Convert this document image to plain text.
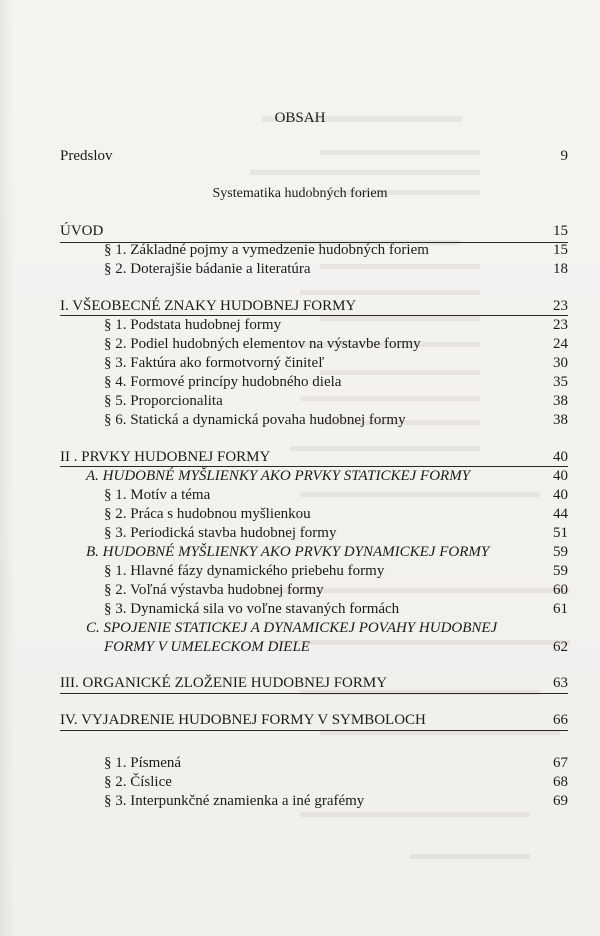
OBSAH
Predslov	9
Systematika hudobných foriem
ÚVOD	15
§ 1. Základné pojmy a vymedzenie hudobných foriem	15
§ 2. Doterajšie bádanie a literatúra	18
I. VŠEOBECNÉ ZNAKY HUDOBNEJ FORMY	23
§ 1. Podstata hudobnej formy	23
§ 2. Podiel hudobných elementov na výstavbe formy	24
§ 3. Faktúra ako formotvorný činiteľ	30
§ 4. Formové princípy hudobného diela	35
§ 5. Proporcionalita	38
§ 6. Statická a dynamická povaha hudobnej formy	38
II . PRVKY HUDOBNEJ FORMY	40
A. HUDOBNÉ MYŠLIENKY AKO PRVKY STATICKEJ FORMY	40
§ 1. Motív a téma	40
§ 2. Práca s hudobnou myšlienkou	44
§ 3. Periodická stavba hudobnej formy	51
B. HUDOBNÉ MYŠLIENKY AKO PRVKY DYNAMICKEJ FORMY	59
§ 1. Hlavné fázy dynamického priebehu formy	59
§ 2. Voľná výstavba hudobnej formy	60
§ 3. Dynamická sila vo voľne stavaných formách	61
C. SPOJENIE STATICKEJ A DYNAMICKEJ POVAHY HUDOBNEJ
FORMY V UMELECKOM DIELE	62
III. ORGANICKÉ ZLOŽENIE HUDOBNEJ FORMY	63
IV. VYJADRENIE HUDOBNEJ FORMY V SYMBOLOCH	66
§ 1. Písmená	67
§ 2. Číslice	68
§ 3. Interpunkčné znamienka a iné grafémy	69
